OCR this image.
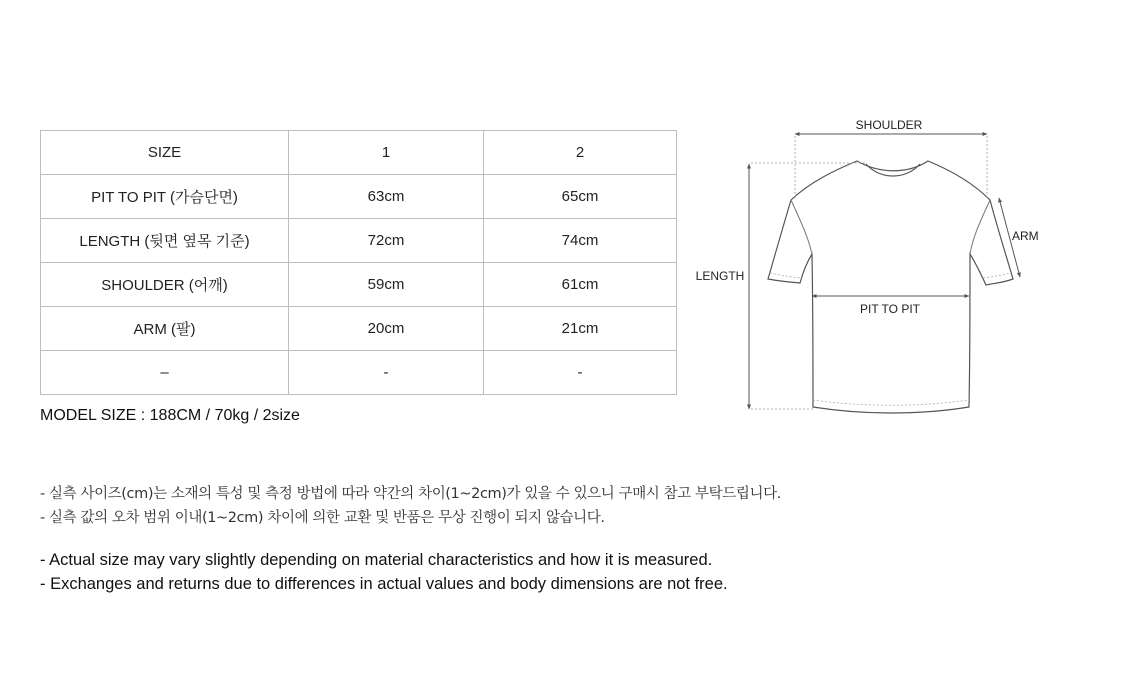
SIZE	1	2
PIT TO PIT (가슴단면)	63cm	65cm
LENGTH (뒷면 옆목 기준)	72cm	74cm
SHOULDER (어깨)	59cm	61cm
ARM (팔)	20cm	21cm
–	-	-
MODEL SIZE : 188CM / 70kg / 2size
SHOULDER
LENGTH
PIT TO PIT
ARM
- 실측 사이즈(cm)는 소재의 특성 및 측정 방법에 따라 약간의 차이(1~2cm)가 있을 수 있으니 구매시 참고 부탁드립니다.
- 실측 값의 오차 범위 이내(1~2cm) 차이에 의한 교환 및 반품은 무상 진행이 되지 않습니다.
- Actual size may vary slightly depending on material characteristics and how it is measured.
- Exchanges and returns due to differences in actual values and body dimensions are not free.
